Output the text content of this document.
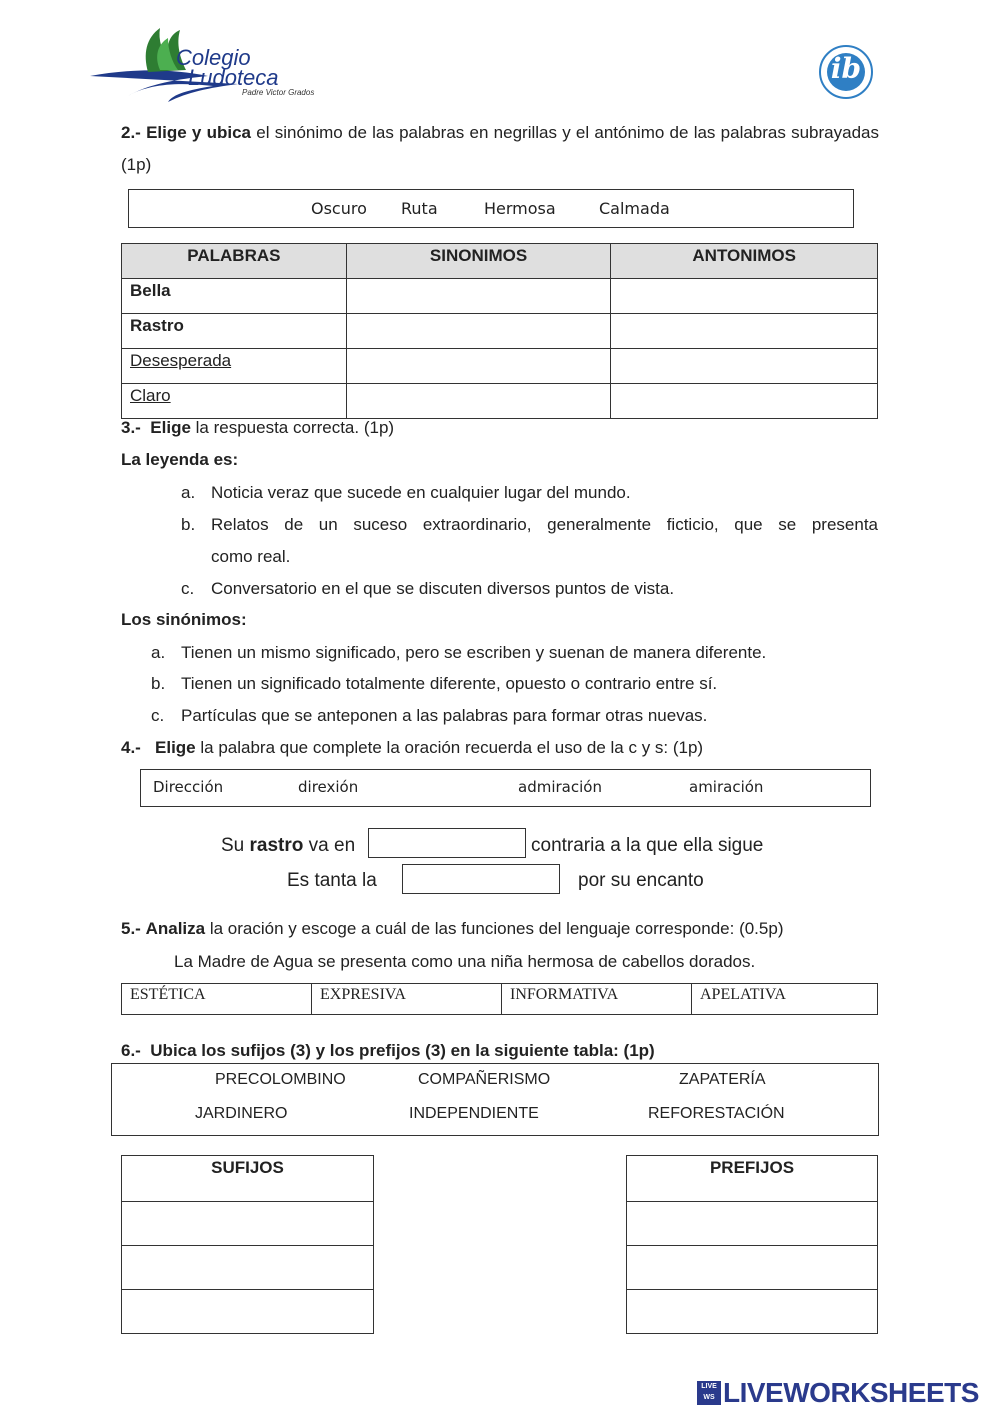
Colegio
Ludoteca
Padre Victor Grados
ib
2.- Elige y ubica el sinónimo de las palabras en negrillas y el antónimo de las palabras subrayadas (1p)
Oscuro Ruta	Hermosa	Calmada
PALABRAS	SINONIMOS	ANTONIMOS
Bella		
Rastro		
Desesperada		
Claro		
3.- Elige la respuesta correcta. (1p)
La leyenda es:
a. Noticia veraz que sucede en cualquier lugar del mundo.
b. Relatos de un suceso extraordinario, generalmente ficticio, que se presenta
como real.
c. Conversatorio en el que se discuten diversos puntos de vista.
Los sinónimos:
a. Tienen un mismo significado, pero se escriben y suenan de manera diferente.
b. Tienen un significado totalmente diferente, opuesto o contrario entre sí.
c. Partículas que se anteponen a las palabras para formar otras nuevas.
4.- Elige la palabra que complete la oración recuerda el uso de la c y s: (1p)
Dirección	direxión	admiración	amiración
Su rastro va en	contraria a la que ella sigue
Es tanta la	por su encanto
5.- Analiza la oración y escoge a cuál de las funciones del lenguaje corresponde: (0.5p)
La Madre de Agua se presenta como una niña hermosa de cabellos dorados.
ESTÉTICA	EXPRESIVA	INFORMATIVA	APELATIVA
6.-  Ubica los sufijos (3) y los prefijos (3) en la siguiente tabla: (1p)
PRECOLOMBINO	COMPAÑERISMO	ZAPATERÍA
JARDINERO	INDEPENDIENTE	REFORESTACIÓN
SUFIJOS	PREFIJOS

LIVE
WS LIVEWORKSHEETS
